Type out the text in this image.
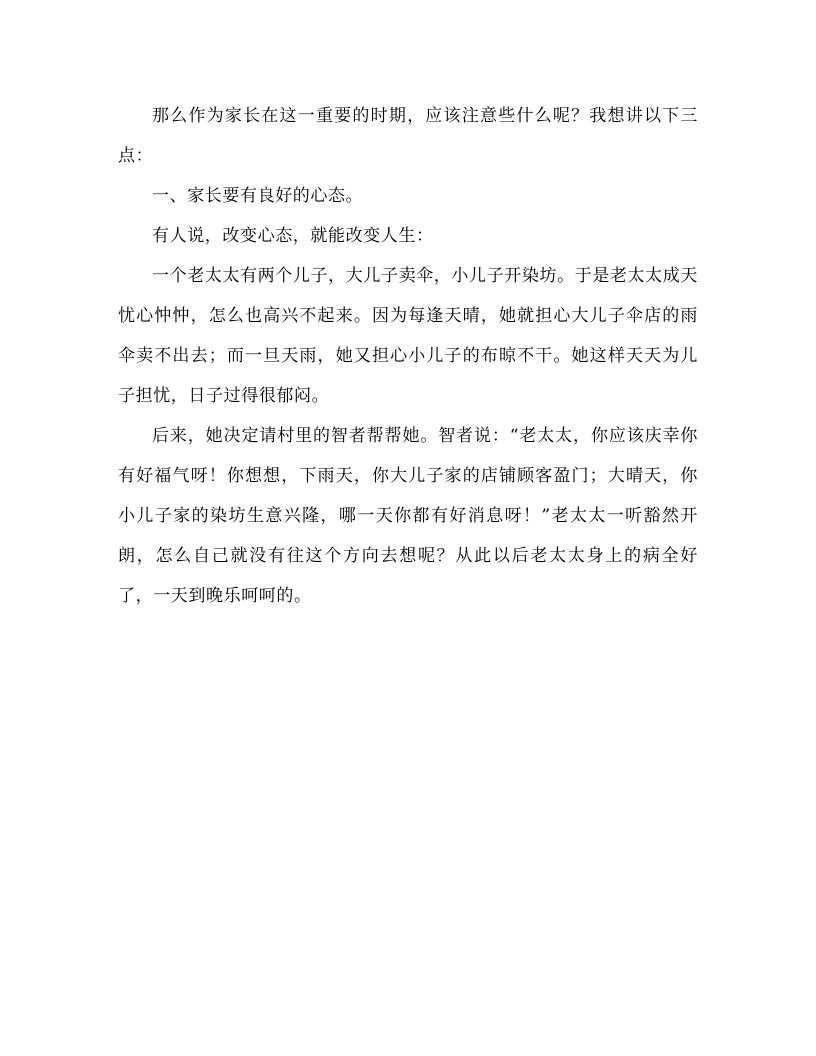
那么作为家长在这一重要的时期，应该注意些什么呢？我想讲以下三点：

一、家长要有良好的心态。

有人说，改变心态，就能改变人生：

一个老太太有两个儿子，大儿子卖伞，小儿子开染坊。于是老太太成天忧心忡忡，怎么也高兴不起来。因为每逢天晴，她就担心大儿子伞店的雨伞卖不出去；而一旦天雨，她又担心小儿子的布晾不干。她这样天天为儿子担忧，日子过得很郁闷。

后来，她决定请村里的智者帮帮她。智者说：“老太太，你应该庆幸你有好福气呀！你想想，下雨天，你大儿子家的店铺顾客盈门；大晴天，你小儿子家的染坊生意兴隆，哪一天你都有好消息呀！”老太太一听豁然开朗，怎么自己就没有往这个方向去想呢？从此以后老太太身上的病全好了，一天到晚乐呵呵的。
